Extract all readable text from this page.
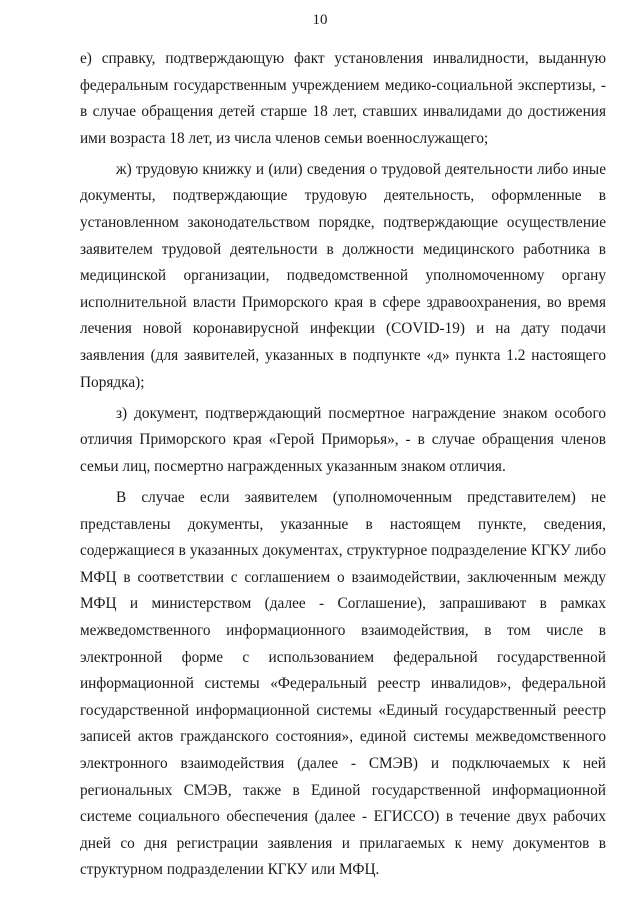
10

е) справку, подтверждающую факт установления инвалидности, выданную федеральным государственным учреждением медико-социальной экспертизы, - в случае обращения детей старше 18 лет, ставших инвалидами до достижения ими возраста 18 лет, из числа членов семьи военнослужащего;

ж) трудовую книжку и (или) сведения о трудовой деятельности либо иные документы, подтверждающие трудовую деятельность, оформленные в установленном законодательством порядке, подтверждающие осуществление заявителем трудовой деятельности в должности медицинского работника в медицинской организации, подведомственной уполномоченному органу исполнительной власти Приморского края в сфере здравоохранения, во время лечения новой коронавирусной инфекции (COVID-19) и на дату подачи заявления (для заявителей, указанных в подпункте «д» пункта 1.2 настоящего Порядка);

з) документ, подтверждающий посмертное награждение знаком особого отличия Приморского края «Герой Приморья», - в случае обращения членов семьи лиц, посмертно награжденных указанным знаком отличия.

В случае если заявителем (уполномоченным представителем) не представлены документы, указанные в настоящем пункте, сведения, содержащиеся в указанных документах, структурное подразделение КГКУ либо МФЦ в соответствии с соглашением о взаимодействии, заключенным между МФЦ и министерством (далее - Соглашение), запрашивают в рамках межведомственного информационного взаимодействия, в том числе в электронной форме с использованием федеральной государственной информационной системы «Федеральный реестр инвалидов», федеральной государственной информационной системы «Единый государственный реестр записей актов гражданского состояния», единой системы межведомственного электронного взаимодействия (далее - СМЭВ) и подключаемых к ней региональных СМЭВ, также в Единой государственной информационной системе социального обеспечения (далее - ЕГИССО) в течение двух рабочих дней со дня регистрации заявления и прилагаемых к нему документов в структурном подразделении КГКУ или МФЦ.
